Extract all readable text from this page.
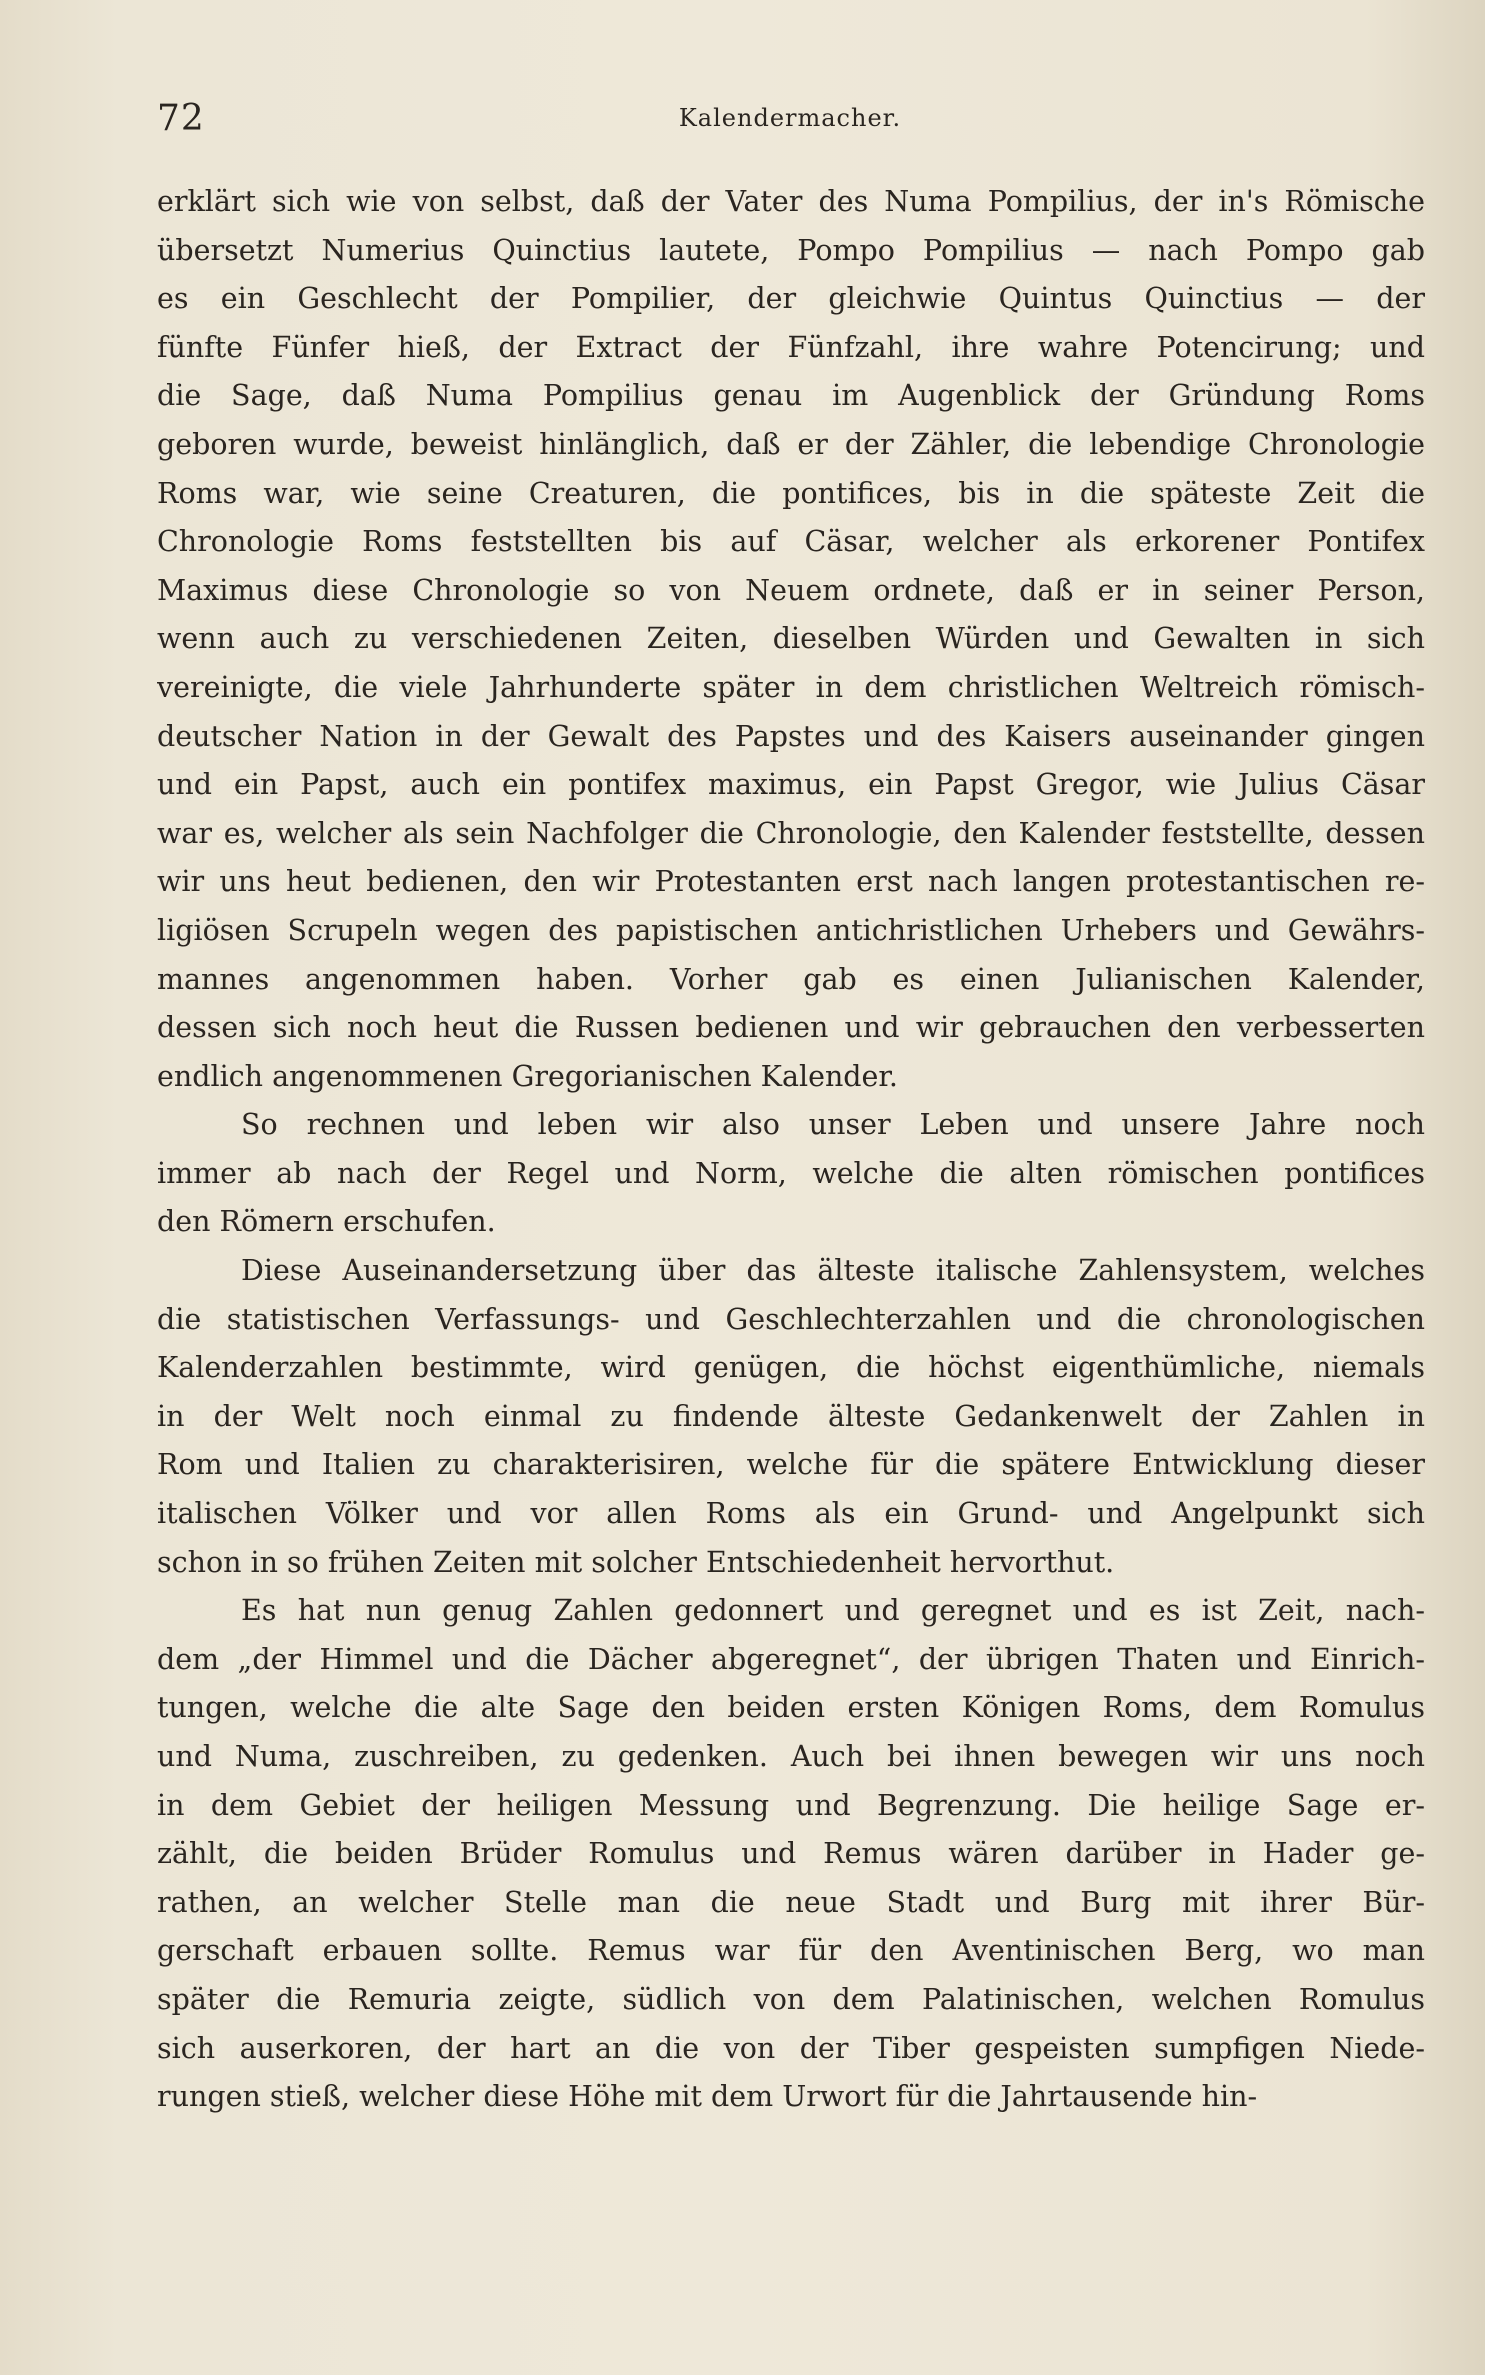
72	Kalendermacher.
erklärt sich wie von selbst, daß der Vater des Numa Pompilius, der in's Römische
übersetzt Numerius Quinctius lautete, Pompo Pompilius — nach Pompo gab
es ein Geschlecht der Pompilier, der gleichwie Quintus Quinctius — der
fünfte Fünfer hieß, der Extract der Fünfzahl, ihre wahre Potencirung; und
die Sage, daß Numa Pompilius genau im Augenblick der Gründung Roms
geboren wurde, beweist hinlänglich, daß er der Zähler, die lebendige Chronologie
Roms war, wie seine Creaturen, die pontifices, bis in die späteste Zeit die
Chronologie Roms feststellten bis auf Cäsar, welcher als erkorener Pontifex
Maximus diese Chronologie so von Neuem ordnete, daß er in seiner Person,
wenn auch zu verschiedenen Zeiten, dieselben Würden und Gewalten in sich
vereinigte, die viele Jahrhunderte später in dem christlichen Weltreich römisch-
deutscher Nation in der Gewalt des Papstes und des Kaisers auseinander gingen
und ein Papst, auch ein pontifex maximus, ein Papst Gregor, wie Julius Cäsar
war es, welcher als sein Nachfolger die Chronologie, den Kalender feststellte, dessen
wir uns heut bedienen, den wir Protestanten erst nach langen protestantischen re-
ligiösen Scrupeln wegen des papistischen antichristlichen Urhebers und Gewährs-
mannes angenommen haben. Vorher gab es einen Julianischen Kalender,
dessen sich noch heut die Russen bedienen und wir gebrauchen den verbesserten
endlich angenommenen Gregorianischen Kalender.
So rechnen und leben wir also unser Leben und unsere Jahre noch
immer ab nach der Regel und Norm, welche die alten römischen pontifices
den Römern erschufen.
Diese Auseinandersetzung über das älteste italische Zahlensystem, welches
die statistischen Verfassungs- und Geschlechterzahlen und die chronologischen
Kalenderzahlen bestimmte, wird genügen, die höchst eigenthümliche, niemals
in der Welt noch einmal zu findende älteste Gedankenwelt der Zahlen in
Rom und Italien zu charakterisiren, welche für die spätere Entwicklung dieser
italischen Völker und vor allen Roms als ein Grund- und Angelpunkt sich
schon in so frühen Zeiten mit solcher Entschiedenheit hervorthut.
Es hat nun genug Zahlen gedonnert und geregnet und es ist Zeit, nach-
dem „der Himmel und die Dächer abgeregnet“, der übrigen Thaten und Einrich-
tungen, welche die alte Sage den beiden ersten Königen Roms, dem Romulus
und Numa, zuschreiben, zu gedenken. Auch bei ihnen bewegen wir uns noch
in dem Gebiet der heiligen Messung und Begrenzung. Die heilige Sage er-
zählt, die beiden Brüder Romulus und Remus wären darüber in Hader ge-
rathen, an welcher Stelle man die neue Stadt und Burg mit ihrer Bür-
gerschaft erbauen sollte. Remus war für den Aventinischen Berg, wo man
später die Remuria zeigte, südlich von dem Palatinischen, welchen Romulus
sich auserkoren, der hart an die von der Tiber gespeisten sumpfigen Niede-
rungen stieß, welcher diese Höhe mit dem Urwort für die Jahrtausende hin-
